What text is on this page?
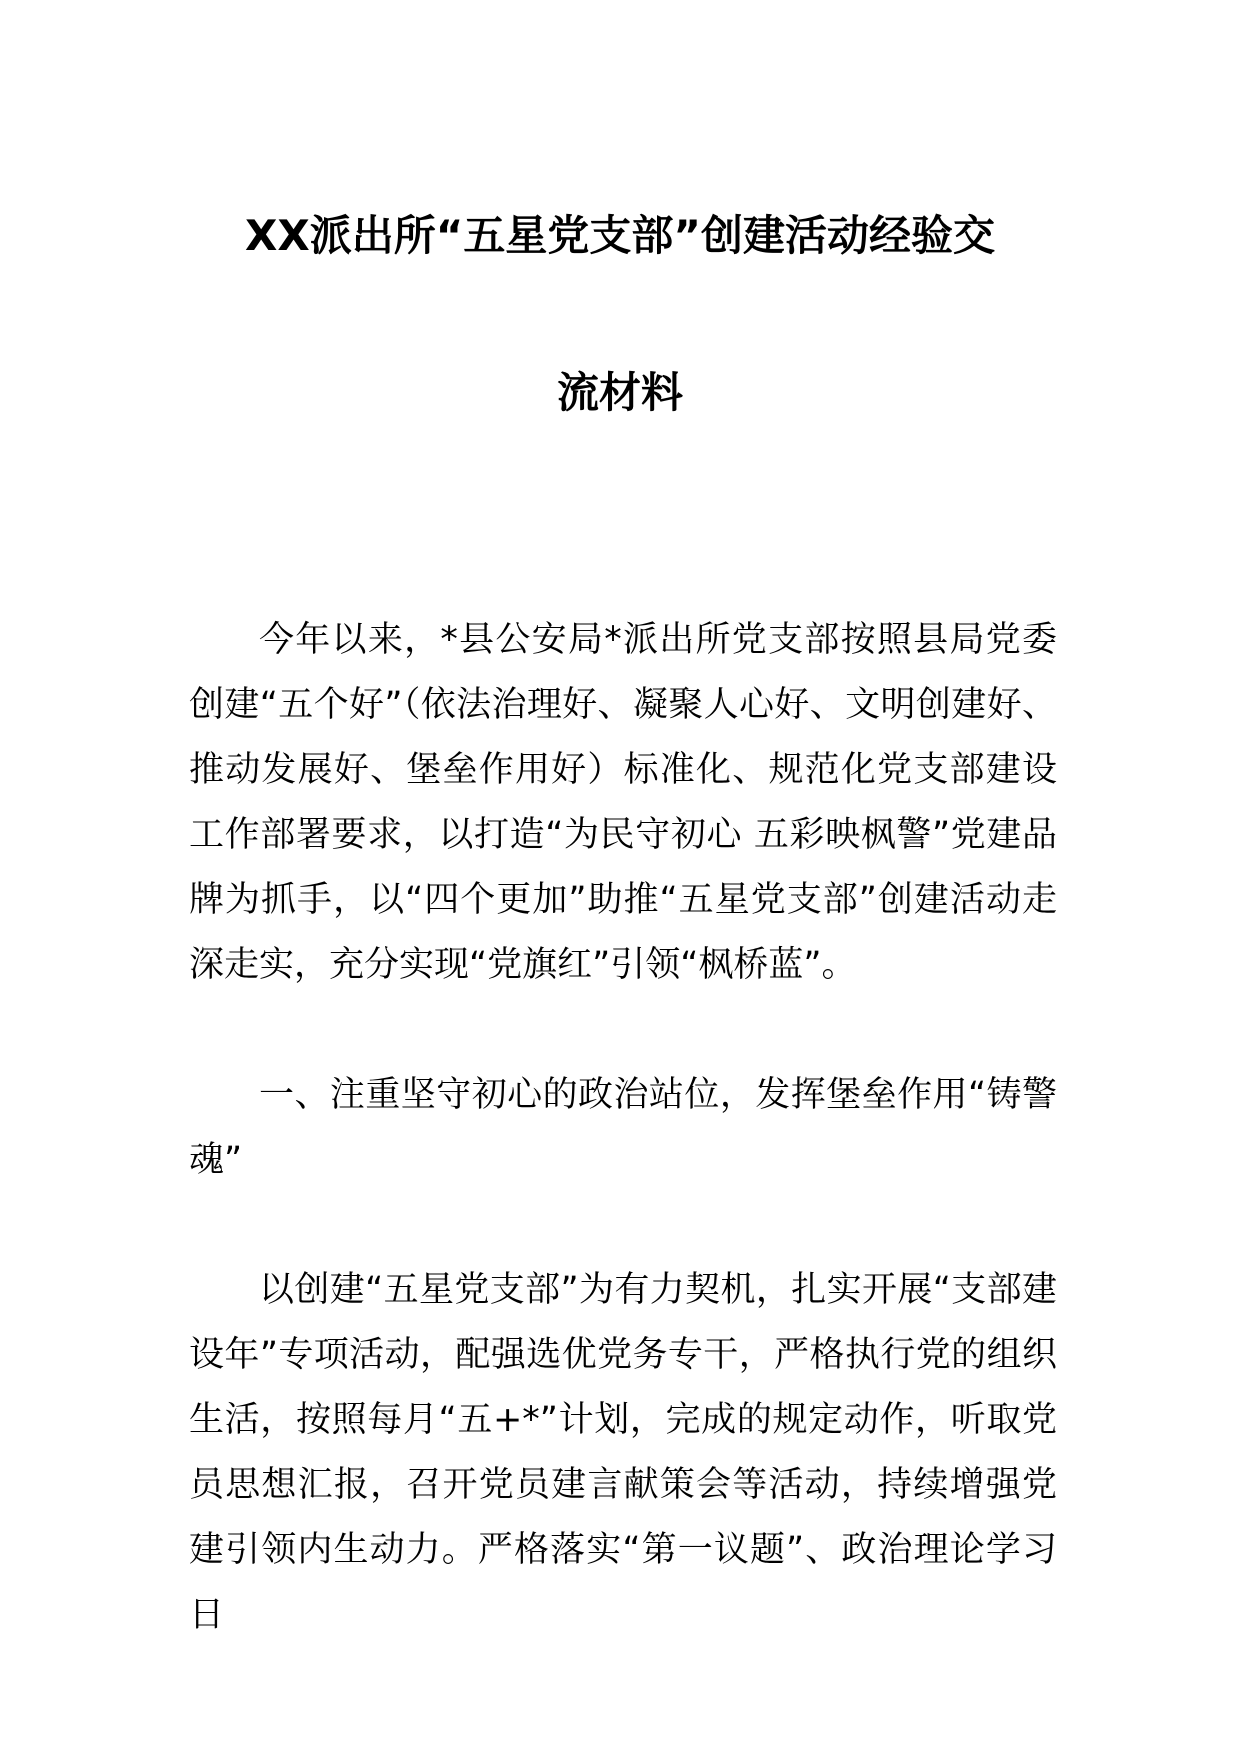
XX派出所“五星党支部”创建活动经验交
流材料

今年以来，*县公安局*派出所党支部按照县局党委创建“五个好”（依法治理好、凝聚人心好、文明创建好、推动发展好、堡垒作用好）标准化、规范化党支部建设工作部署要求，以打造“为民守初心 五彩映枫警”党建品牌为抓手，以“四个更加”助推“五星党支部”创建活动走深走实，充分实现“党旗红”引领“枫桥蓝”。

一、注重坚守初心的政治站位，发挥堡垒作用“铸警魂”

以创建“五星党支部”为有力契机，扎实开展“支部建设年”专项活动，配强选优党务专干，严格执行党的组织生活，按照每月“五+*”计划，完成的规定动作，听取党员思想汇报，召开党员建言献策会等活动，持续增强党建引领内生动力。严格落实“第一议题”、政治理论学习日
